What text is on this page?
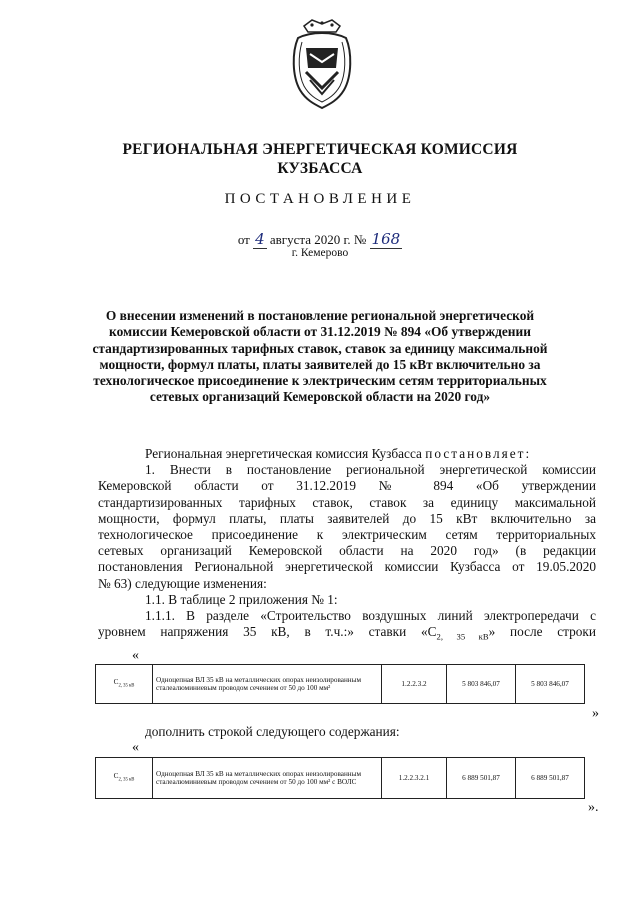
РЕГИОНАЛЬНАЯ ЭНЕРГЕТИЧЕСКАЯ КОМИССИЯ
КУЗБАССА
ПОСТАНОВЛЕНИЕ
от 4 августа 2020 г. № 168
г. Кемерово
О внесении изменений в постановление региональной энергетической
комиссии Кемеровской области от 31.12.2019 № 894 «Об утверждении
стандартизированных тарифных ставок, ставок за единицу максимальной
мощности, формул платы, платы заявителей до 15 кВт включительно за
технологическое присоединение к электрическим сетям территориальных
сетевых организаций Кемеровской области на 2020 год»
Региональная энергетическая комиссия Кузбасса постановляет:
1. Внести в постановление региональной энергетической комиссии
Кемеровской области от 31.12.2019 № 894 «Об утверждении
стандартизированных тарифных ставок, ставок за единицу максимальной
мощности, формул платы, платы заявителей до 15 кВт включительно за
технологическое присоединение к электрическим сетям территориальных
сетевых организаций Кемеровской области на 2020 год» (в редакции
постановления Региональной энергетической комиссии Кузбасса от 19.05.2020
№ 63) следующие изменения:
1.1. В таблице 2 приложения № 1:
1.1.1. В разделе «Строительство воздушных линий электропередачи с
уровнем напряжения 35 кВ, в т.ч.:» ставки «$С_{2, 35 кВ}$» после строки
«
$С_{2, 35 кВ}$	Одноцепная ВЛ 35 кВ на металлических опорах неизолированным сталеалюминиевым проводом сечением от 50 до 100 мм²	1.2.2.3.2	5 803 846,07	5 803 846,07
»
дополнить строкой следующего содержания:
«
$С_{2, 35 кВ}$	Одноцепная ВЛ 35 кВ на металлических опорах неизолированным сталеалюминиевым проводом сечением от 50 до 100 мм² с ВОЛС	1.2.2.3.2.1	6 889 501,87	6 889 501,87
».
